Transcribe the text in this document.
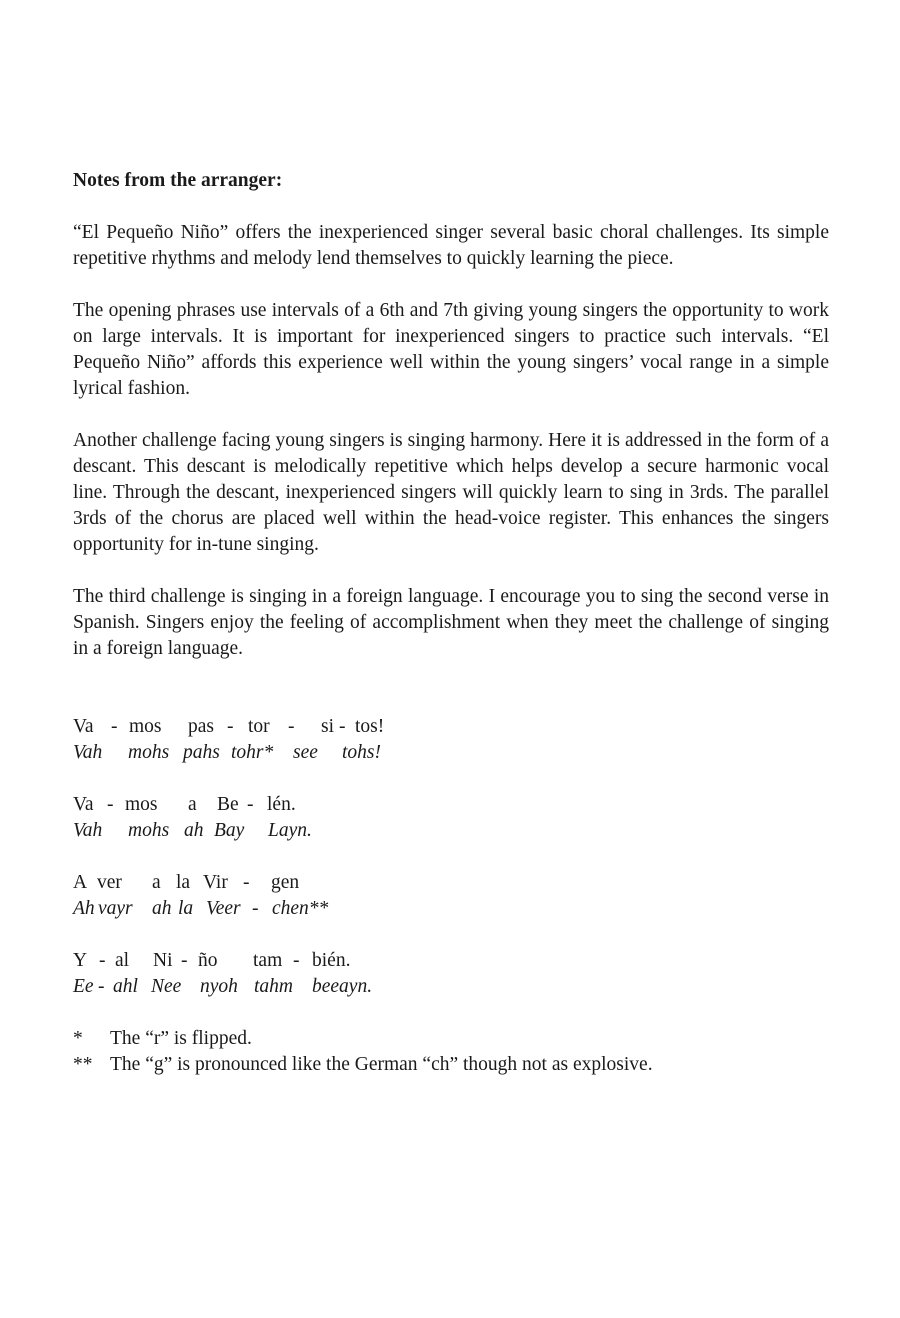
Notes from the arranger:

“El Pequeño Niño” offers the inexperienced singer several basic choral challenges. Its simple repetitive rhythms and melody lend themselves to quickly learning the piece.

The opening phrases use intervals of a 6th and 7th giving young singers the opportunity to work on large intervals. It is important for inexperienced singers to practice such intervals. “El Pequeño Niño” affords this experience well within the young singers’ vocal range in a simple lyrical fashion.

Another challenge facing young singers is singing harmony. Here it is addressed in the form of a descant. This descant is melodically repetitive which helps develop a secure harmonic vocal line. Through the descant, inexperienced singers will quickly learn to sing in 3rds. The parallel 3rds of the chorus are placed well within the head-voice register. This enhances the singers opportunity for in-tune singing.

The third challenge is singing in a foreign language. I encourage you to sing the second verse in Spanish. Singers enjoy the feeling of accomplishment when they meet the challenge of singing in a foreign language.

Va - mos	pas - tor -	si - tos!
Vah	mohs pahs tohr*	see	tohs!
Va - mos	a	Be - lén.
Vah	mohs ah Bay	Layn.
A ver	a la Vir -	gen
Ah vayr ah la Veer - chen**
Y - al	Ni - ño	tam - bién.
Ee - ahl Nee nyoh tahm beeayn.
*	The “r” is flipped.
** The “g” is pronounced like the German “ch” though not as explosive.
